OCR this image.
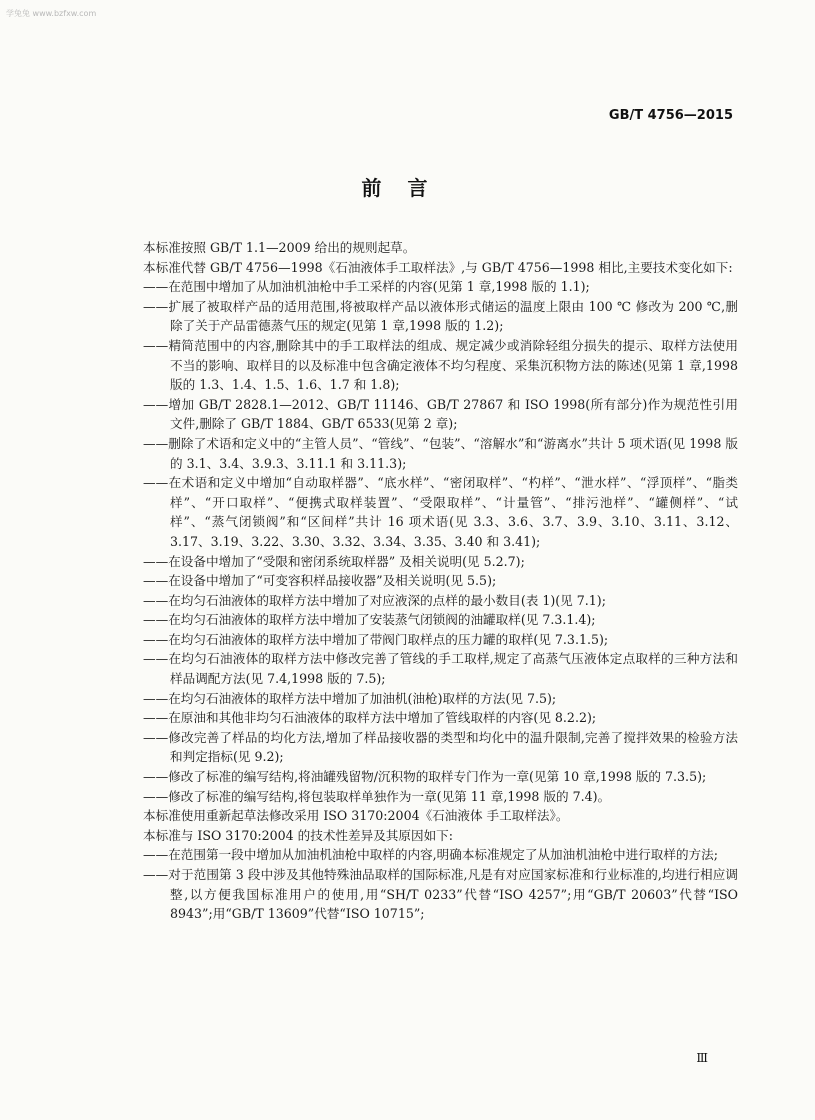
学兔兔 www.bzfxw.com
GB/T 4756—2015
前言

本标准按照 GB/T 1.1—2009 给出的规则起草。

本标准代替 GB/T 4756—1998《石油液体手工取样法》,与 GB/T 4756—1998 相比,主要技术变化如下:

——在范围中增加了从加油机油枪中手工采样的内容(见第 1 章,1998 版的 1.1);

——扩展了被取样产品的适用范围,将被取样产品以液体形式储运的温度上限由 100 ℃ 修改为 200 ℃,删除了关于产品雷德蒸气压的规定(见第 1 章,1998 版的 1.2);

——精简范围中的内容,删除其中的手工取样法的组成、规定减少或消除轻组分损失的提示、取样方法使用不当的影响、取样目的以及标准中包含确定液体不均匀程度、采集沉积物方法的陈述(见第 1 章,1998 版的 1.3、1.4、1.5、1.6、1.7 和 1.8);

——增加 GB/T 2828.1—2012、GB/T 11146、GB/T 27867 和 ISO 1998(所有部分)作为规范性引用文件,删除了 GB/T 1884、GB/T 6533(见第 2 章);

——删除了术语和定义中的“主管人员”、“管线”、“包装”、“溶解水”和“游离水”共计 5 项术语(见 1998 版的 3.1、3.4、3.9.3、3.11.1 和 3.11.3);

——在术语和定义中增加“自动取样器”、“底水样”、“密闭取样”、“杓样”、“泄水样”、“浮顶样”、“脂类样”、“开口取样”、“便携式取样装置”、“受限取样”、“计量管”、“排污池样”、“罐侧样”、“试样”、“蒸气闭锁阀”和“区间样”共计 16 项术语(见 3.3、3.6、3.7、3.9、3.10、3.11、3.12、3.17、3.19、3.22、3.30、3.32、3.34、3.35、3.40 和 3.41);

——在设备中增加了“受限和密闭系统取样器” 及相关说明(见 5.2.7);

——在设备中增加了“可变容积样品接收器”及相关说明(见 5.5);

——在均匀石油液体的取样方法中增加了对应液深的点样的最小数目(表 1)(见 7.1);

——在均匀石油液体的取样方法中增加了安装蒸气闭锁阀的油罐取样(见 7.3.1.4);

——在均匀石油液体的取样方法中增加了带阀门取样点的压力罐的取样(见 7.3.1.5);

——在均匀石油液体的取样方法中修改完善了管线的手工取样,规定了高蒸气压液体定点取样的三种方法和样品调配方法(见 7.4,1998 版的 7.5);

——在均匀石油液体的取样方法中增加了加油机(油枪)取样的方法(见 7.5);

——在原油和其他非均匀石油液体的取样方法中增加了管线取样的内容(见 8.2.2);

——修改完善了样品的均化方法,增加了样品接收器的类型和均化中的温升限制,完善了搅拌效果的检验方法和判定指标(见 9.2);

——修改了标准的编写结构,将油罐残留物/沉积物的取样专门作为一章(见第 10 章,1998 版的 7.3.5);

——修改了标准的编写结构,将包装取样单独作为一章(见第 11 章,1998 版的 7.4)。

本标准使用重新起草法修改采用 ISO 3170:2004《石油液体 手工取样法》。

本标准与 ISO 3170:2004 的技术性差异及其原因如下:

——在范围第一段中增加从加油机油枪中取样的内容,明确本标准规定了从加油机油枪中进行取样的方法;

——对于范围第 3 段中涉及其他特殊油品取样的国际标准,凡是有对应国家标准和行业标准的,均进行相应调整,以方便我国标准用户的使用,用“SH/T 0233”代替“ISO 4257”;用“GB/T 20603”代替“ISO 8943”;用“GB/T 13609”代替“ISO 10715”;

Ⅲ
